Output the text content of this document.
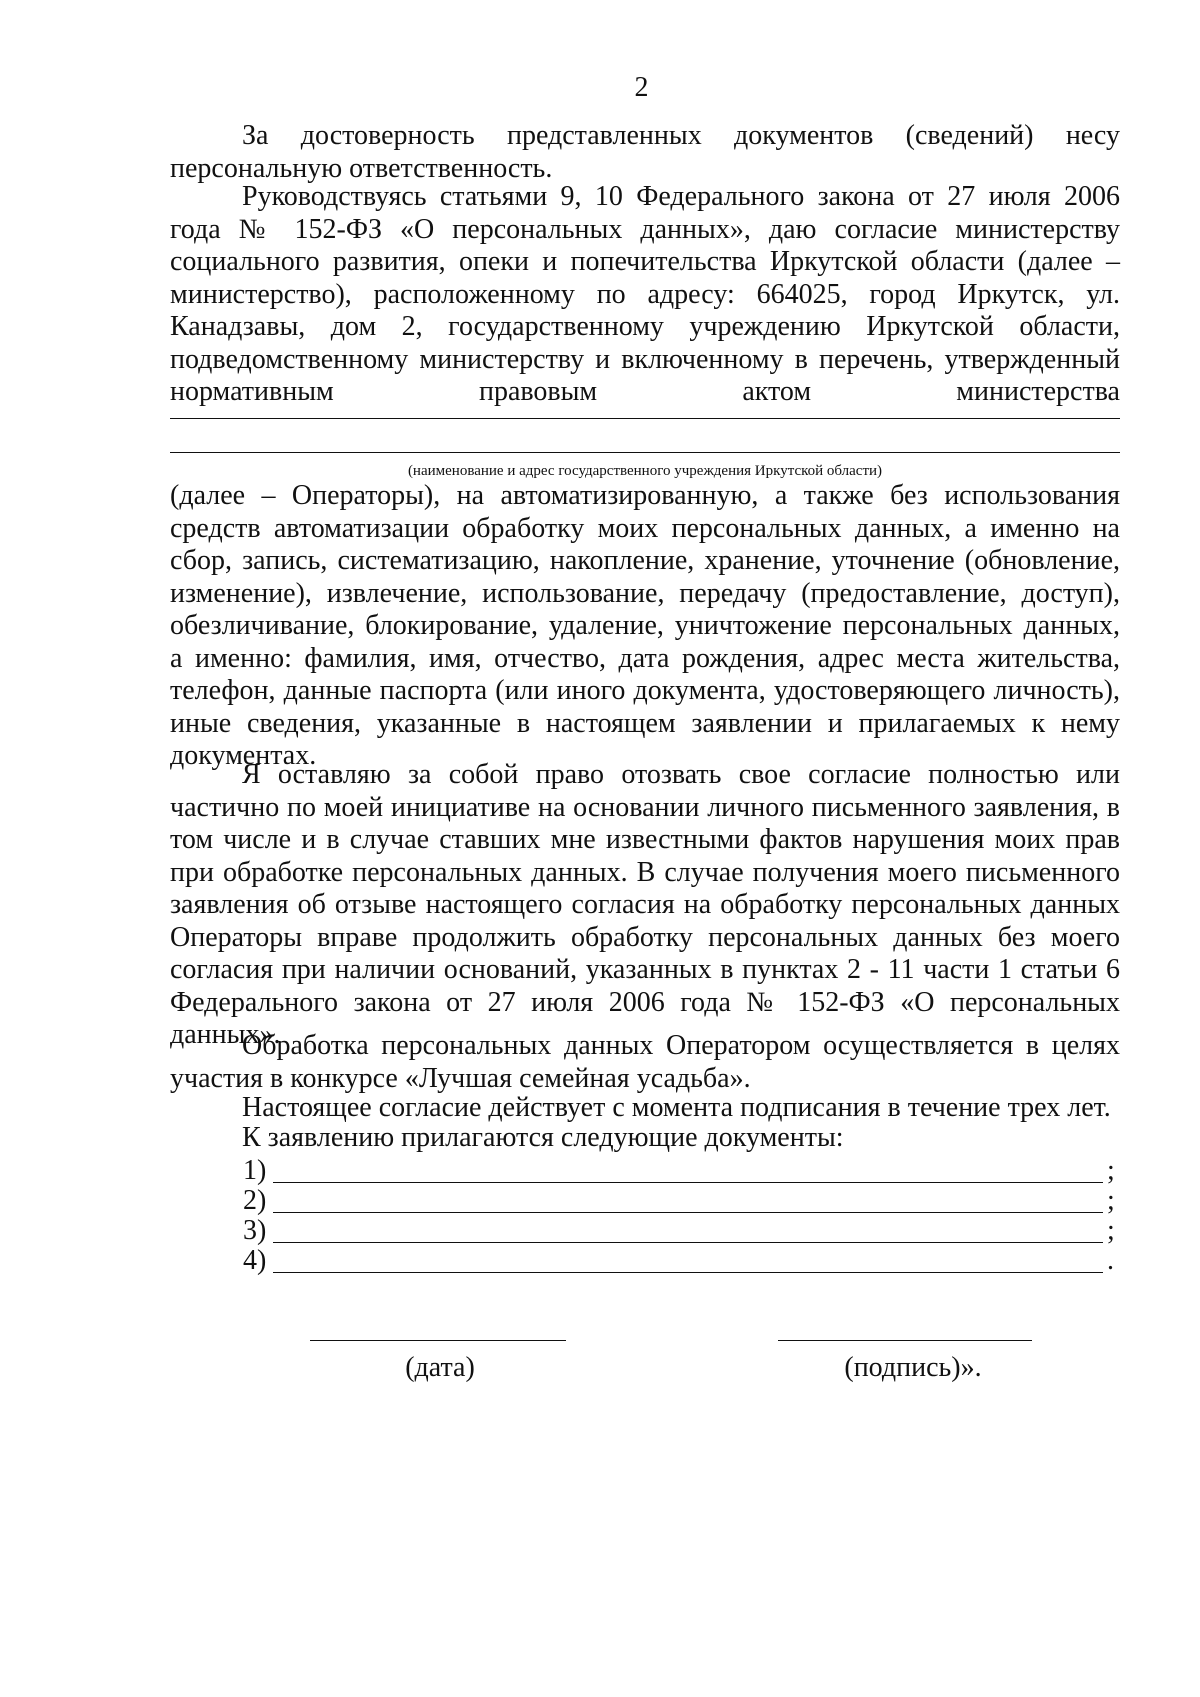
2

За достоверность представленных документов (сведений) несу персональную ответственность.

Руководствуясь статьями 9, 10 Федерального закона от 27 июля 2006 года № 152-ФЗ «О персональных данных», даю согласие министерству социального развития, опеки и попечительства Иркутской области (далее – министерство), расположенному по адресу: 664025, город Иркутск, ул. Канадзавы, дом 2, государственному учреждению Иркутской области, подведомственному министерству и включенному в перечень, утвержденный нормативным правовым актом министерства

(наименование и адрес государственного учреждения Иркутской области)

(далее – Операторы), на автоматизированную, а также без использования средств автоматизации обработку моих персональных данных, а именно на сбор, запись, систематизацию, накопление, хранение, уточнение (обновление, изменение), извлечение, использование, передачу (предоставление, доступ), обезличивание, блокирование, удаление, уничтожение персональных данных, а именно: фамилия, имя, отчество, дата рождения, адрес места жительства, телефон, данные паспорта (или иного документа, удостоверяющего личность), иные сведения, указанные в настоящем заявлении и прилагаемых к нему документах.

Я оставляю за собой право отозвать свое согласие полностью или частично по моей инициативе на основании личного письменного заявления, в том числе и в случае ставших мне известными фактов нарушения моих прав при обработке персональных данных. В случае получения моего письменного заявления об отзыве настоящего согласия на обработку персональных данных Операторы вправе продолжить обработку персональных данных без моего согласия при наличии оснований, указанных в пунктах 2 - 11 части 1 статьи 6 Федерального закона от 27 июля 2006 года № 152-ФЗ «О персональных данных».

Обработка персональных данных Оператором осуществляется в целях участия в конкурсе «Лучшая семейная усадьба».

Настоящее согласие действует с момента подписания в течение трех лет.

К заявлению прилагаются следующие документы:

1)	;
2)	;
3)	;
4)	.
(дата)	(подпись)».
